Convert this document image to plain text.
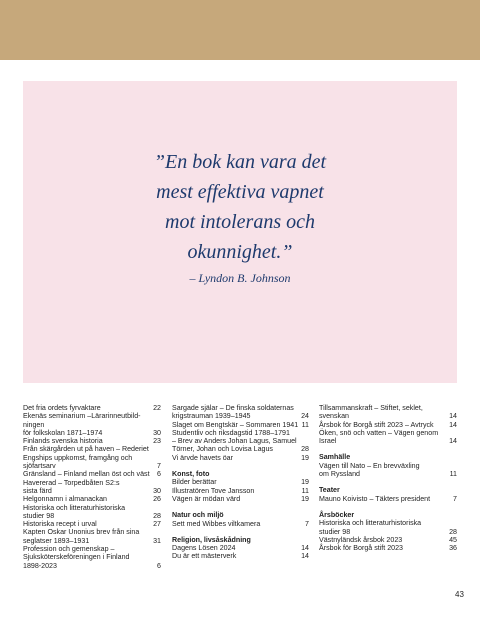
”En bok kan vara det
mest effektiva vapnet
mot intolerans och
okunnighet.”
– Lyndon B. Johnson
Det fria ordets fyrvaktare	22
Ekenäs seminarium –Lärarinneutbild-ningen
för folkskolan 1871–1974	30
Finlands svenska historia	23
Från skärgården ut på haven – Rederiet
Engships uppkomst, framgång och
sjöfartsarv	7
Gränsland – Finland mellan öst och väst	6
Havererad – Torpedbåten S2:s
sista färd	30
Helgonnamn i almanackan	26
Historiska och litteraturhistoriska
studier 98	28
Historiska recept i urval	27
Kapten Oskar Unonius brev från sina
seglatser 1893–1931	31
Profession och gemenskap –
Sjuksköterskeföreningen i Finland
1898-2023	6
Sargade själar – De finska soldaternas
krigstrauman 1939–1945	24
Slaget om Bengtskär – Sommaren 1941 11
Studentliv och riksdagstid 1788–1791
– Brev av Anders Johan Lagus, Samuel
Törner, Johan och Lovisa Lagus	28
Vi ärvde havets öar	19
Konst, foto
Bilder berättar	19
Illustratören Tove Jansson	11
Vägen är mödan värd	19
Natur och miljö
Sett med Wibbes viltkamera	7
Religion, livsåskådning
Dagens Lösen 2024	14
Du är ett mästerverk	14
Tillsammanskraft – Stiftet, seklet,
svenskan	14
Årsbok för Borgå stift 2023 – Avtryck	14
Öken, snö och vatten – Vägen genom
Israel	14
Samhälle
Vägen till Nato – En brevväxling
om Ryssland	11
Teater
Mauno Koivisto – Täkters president	7
Årsböcker
Historiska och litteraturhistoriska
studier 98	28
Västnyländsk årsbok 2023	45
Årsbok för Borgå stift 2023	36
43
